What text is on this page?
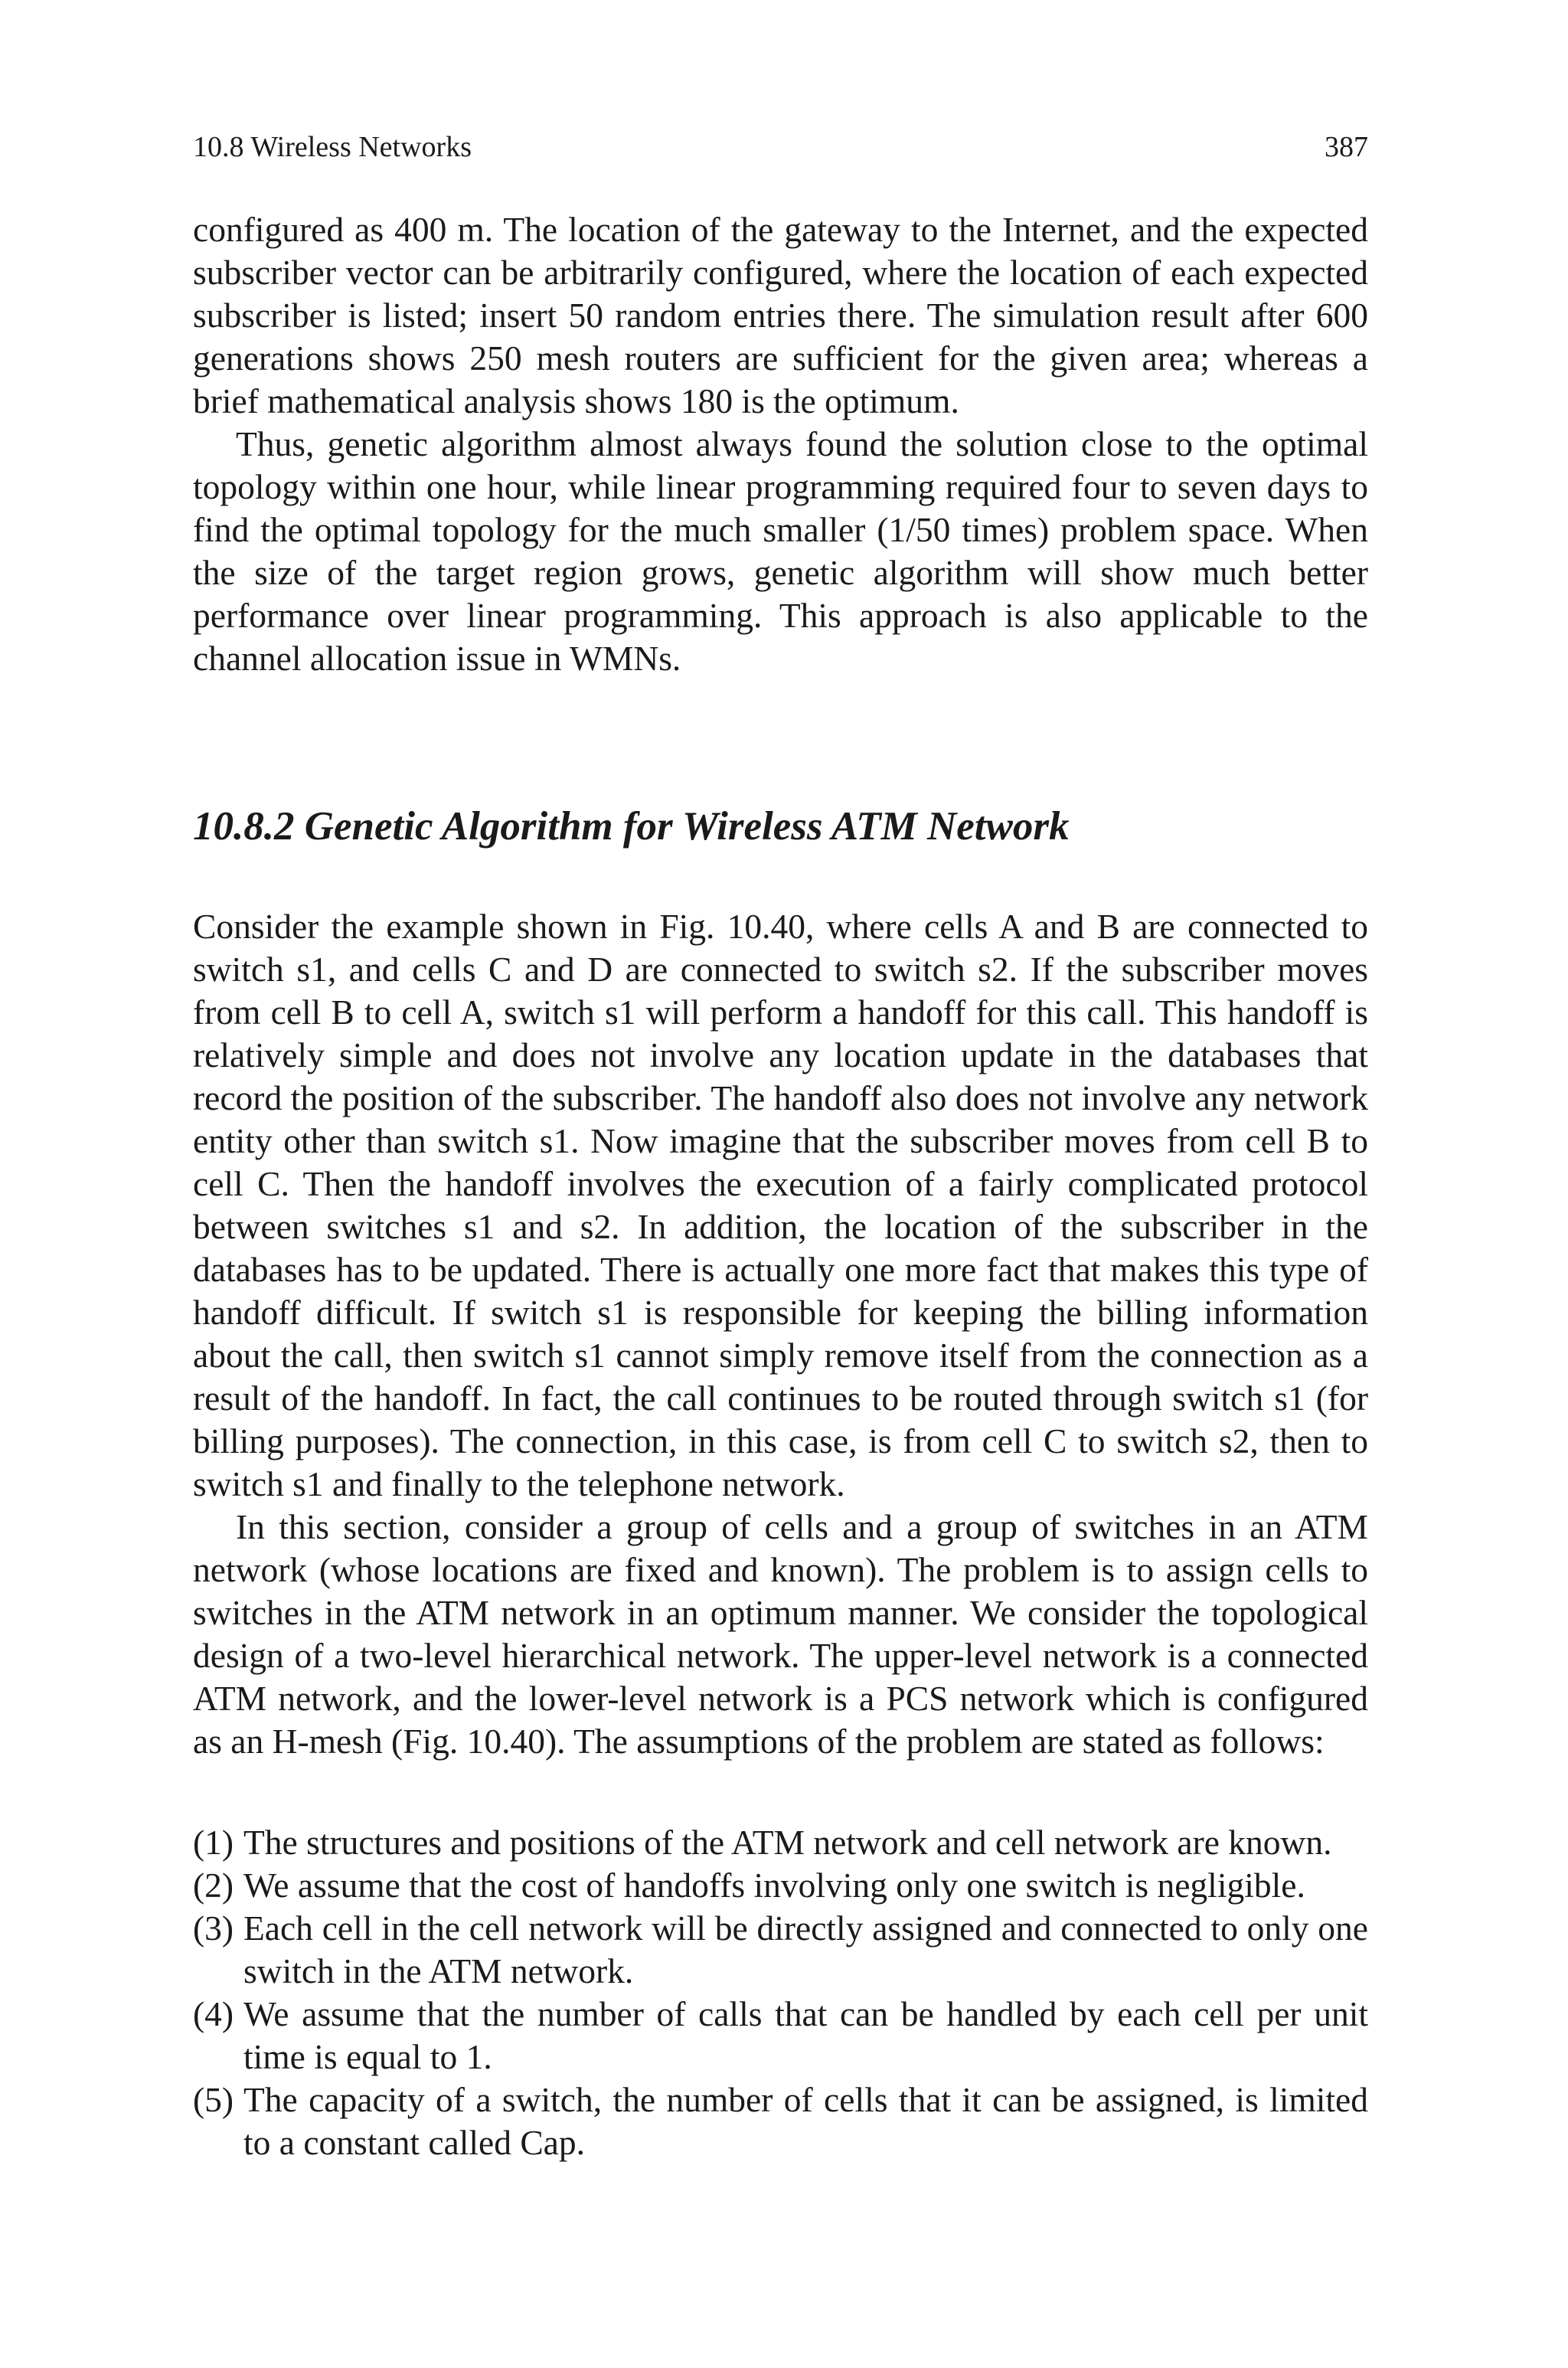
10.8 Wireless Networks	387

configured as 400 m. The location of the gateway to the Internet, and the expected subscriber vector can be arbitrarily configured, where the location of each expected subscriber is listed; insert 50 random entries there. The simulation result after 600 generations shows 250 mesh routers are sufficient for the given area; whereas a brief mathematical analysis shows 180 is the optimum.

Thus, genetic algorithm almost always found the solution close to the optimal topology within one hour, while linear programming required four to seven days to find the optimal topology for the much smaller (1/50 times) problem space. When the size of the target region grows, genetic algorithm will show much better performance over linear programming. This approach is also applicable to the channel allocation issue in WMNs.

10.8.2 Genetic Algorithm for Wireless ATM Network

Consider the example shown in Fig. 10.40, where cells A and B are connected to switch s1, and cells C and D are connected to switch s2. If the subscriber moves from cell B to cell A, switch s1 will perform a handoff for this call. This handoff is relatively simple and does not involve any location update in the databases that record the position of the subscriber. The handoff also does not involve any network entity other than switch s1. Now imagine that the subscriber moves from cell B to cell C. Then the handoff involves the execution of a fairly complicated protocol between switches s1 and s2. In addition, the location of the subscriber in the databases has to be updated. There is actually one more fact that makes this type of handoff difficult. If switch s1 is responsible for keeping the billing information about the call, then switch s1 cannot simply remove itself from the connection as a result of the handoff. In fact, the call continues to be routed through switch s1 (for billing purposes). The connection, in this case, is from cell C to switch s2, then to switch s1 and finally to the telephone network.

In this section, consider a group of cells and a group of switches in an ATM network (whose locations are fixed and known). The problem is to assign cells to switches in the ATM network in an optimum manner. We consider the topological design of a two-level hierarchical network. The upper-level network is a connected ATM network, and the lower-level network is a PCS network which is configured as an H-mesh (Fig. 10.40). The assumptions of the problem are stated as follows:

(1) The structures and positions of the ATM network and cell network are known.
(2) We assume that the cost of handoffs involving only one switch is negligible.
(3) Each cell in the cell network will be directly assigned and connected to only one switch in the ATM network.
(4) We assume that the number of calls that can be handled by each cell per unit time is equal to 1.
(5) The capacity of a switch, the number of cells that it can be assigned, is limited to a constant called Cap.
